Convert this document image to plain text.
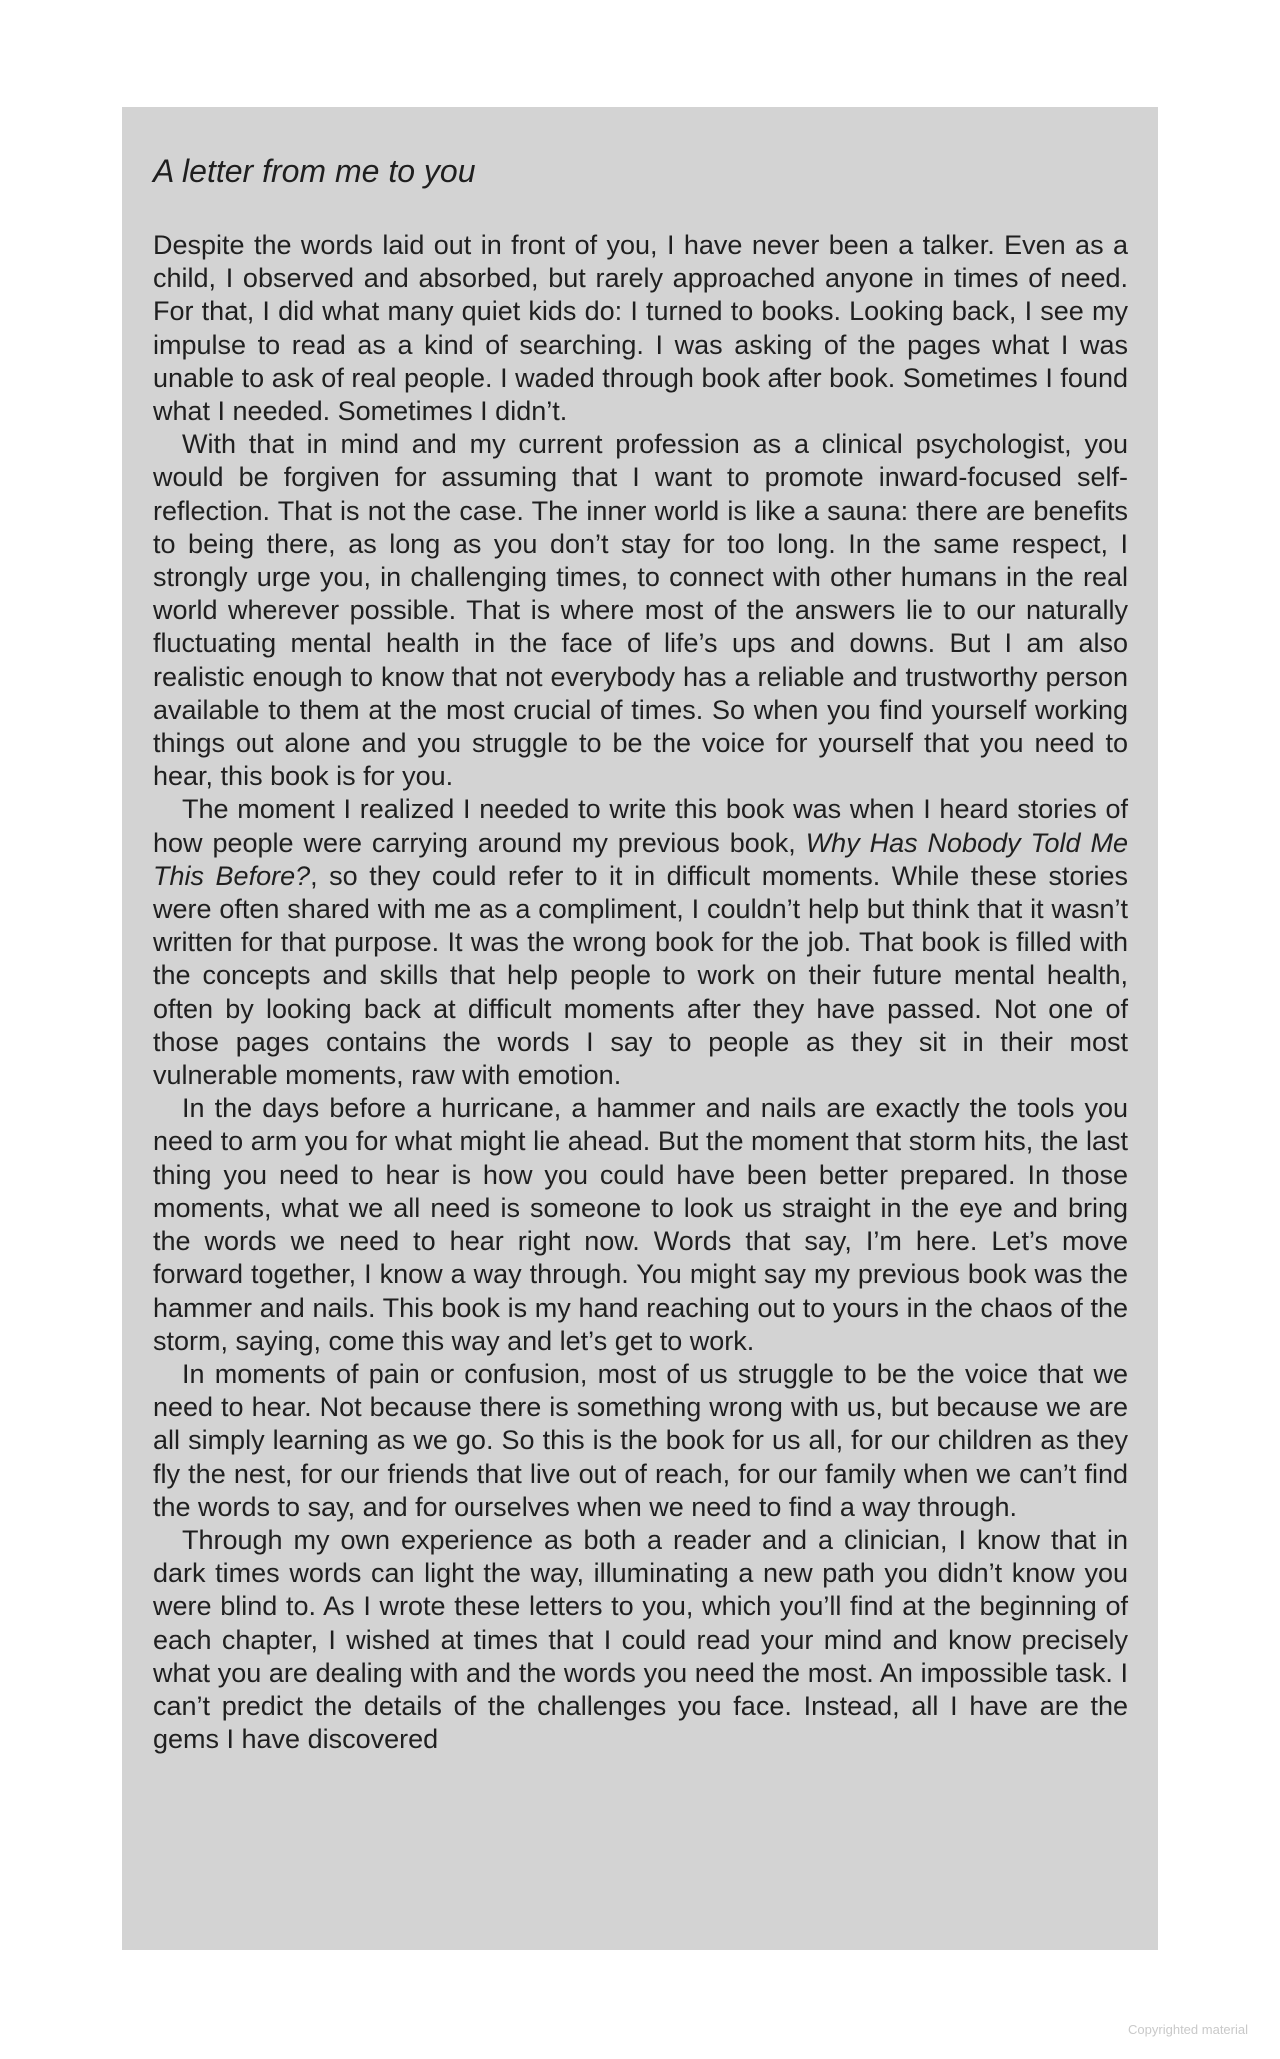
A letter from me to you

Despite the words laid out in front of you, I have never been a talker. Even as a child, I observed and absorbed, but rarely approached anyone in times of need. For that, I did what many quiet kids do: I turned to books. Looking back, I see my impulse to read as a kind of searching. I was asking of the pages what I was unable to ask of real people. I waded through book after book. Sometimes I found what I needed. Sometimes I didn’t.

With that in mind and my current profession as a clinical psychologist, you would be forgiven for assuming that I want to promote inward-focused self-reflection. That is not the case. The inner world is like a sauna: there are benefits to being there, as long as you don’t stay for too long. In the same respect, I strongly urge you, in challenging times, to connect with other humans in the real world wherever possible. That is where most of the answers lie to our naturally fluctuating mental health in the face of life’s ups and downs. But I am also realistic enough to know that not everybody has a reliable and trustworthy person available to them at the most crucial of times. So when you find yourself working things out alone and you struggle to be the voice for yourself that you need to hear, this book is for you.

The moment I realized I needed to write this book was when I heard stories of how people were carrying around my previous book, Why Has Nobody Told Me This Before?, so they could refer to it in difficult moments. While these stories were often shared with me as a compliment, I couldn’t help but think that it wasn’t written for that purpose. It was the wrong book for the job. That book is filled with the concepts and skills that help people to work on their future mental health, often by looking back at difficult moments after they have passed. Not one of those pages contains the words I say to people as they sit in their most vulnerable moments, raw with emotion.

In the days before a hurricane, a hammer and nails are exactly the tools you need to arm you for what might lie ahead. But the moment that storm hits, the last thing you need to hear is how you could have been better prepared. In those moments, what we all need is someone to look us straight in the eye and bring the words we need to hear right now. Words that say, I’m here. Let’s move forward together, I know a way through. You might say my previous book was the hammer and nails. This book is my hand reaching out to yours in the chaos of the storm, saying, come this way and let’s get to work.

In moments of pain or confusion, most of us struggle to be the voice that we need to hear. Not because there is something wrong with us, but because we are all simply learning as we go. So this is the book for us all, for our children as they fly the nest, for our friends that live out of reach, for our family when we can’t find the words to say, and for ourselves when we need to find a way through.

Through my own experience as both a reader and a clinician, I know that in dark times words can light the way, illuminating a new path you didn’t know you were blind to. As I wrote these letters to you, which you’ll find at the beginning of each chapter, I wished at times that I could read your mind and know precisely what you are dealing with and the words you need the most. An impossible task. I can’t predict the details of the challenges you face. Instead, all I have are the gems I have discovered

Copyrighted material
